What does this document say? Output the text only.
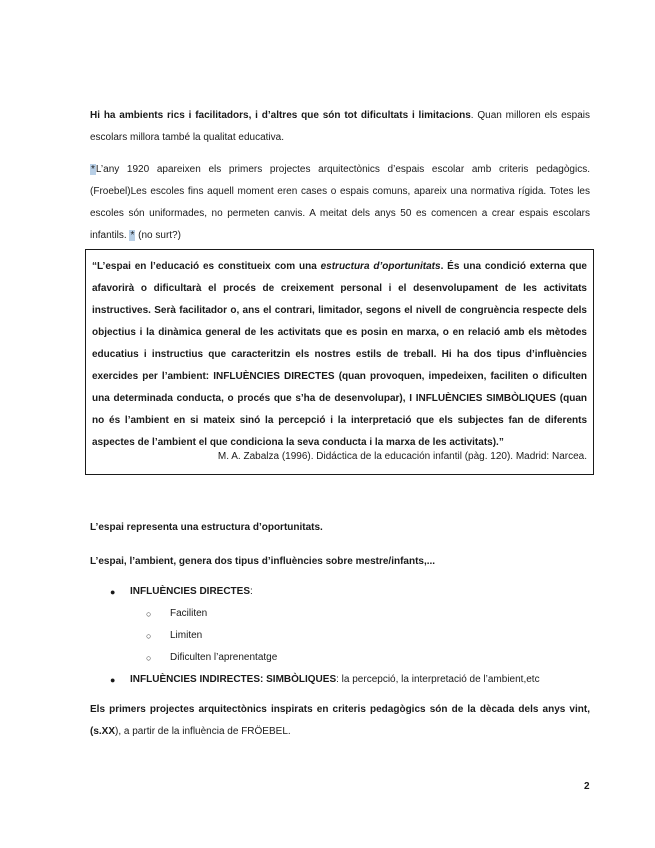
Hi ha ambients rics i facilitadors, i d’altres que són tot dificultats i limitacions. Quan milloren els espais escolars millora també la qualitat educativa.

*L’any 1920 apareixen els primers projectes arquitectònics d’espais escolar amb criteris pedagògics. (Froebel)Les escoles fins aquell moment eren cases o espais comuns, apareix una normativa rígida. Totes les escoles són uniformades, no permeten canvis. A meitat dels anys 50 es comencen a crear espais escolars infantils. * (no surt?)

“L’espai en l’educació es constitueix com una estructura d’oportunitats. És una condició externa que afavorirà o dificultarà el procés de creixement personal i el desenvolupament de les activitats instructives. Serà facilitador o, ans el contrari, limitador, segons el nivell de congruència respecte dels objectius i la dinàmica general de les activitats que es posin en marxa, o en relació amb els mètodes educatius i instructius que caracteritzin els nostres estils de treball. Hi ha dos tipus d’influències exercides per l’ambient: INFLUÈNCIES DIRECTES (quan provoquen, impedeixen, faciliten o dificulten una determinada conducta, o procés que s’ha de desenvolupar), I INFLUÈNCIES SIMBÒLIQUES (quan no és l’ambient en si mateix sinó la percepció i la interpretació que els subjectes fan de diferents aspectes de l’ambient el que condiciona la seva conducta i la marxa de les activitats).”

M. A. Zabalza (1996). Didáctica de la educación infantil (pàg. 120). Madrid: Narcea.

L’espai representa una estructura d’oportunitats.

L’espai, l’ambient, genera dos tipus d’influències sobre mestre/infants,...

● INFLUÈNCIES DIRECTES:
○ Faciliten
○ Limiten
○ Dificulten l’aprenentatge
● INFLUÈNCIES INDIRECTES: SIMBÒLIQUES: la percepció, la interpretació de l’ambient,etc

Els primers projectes arquitectònics inspirats en criteris pedagògics són de la dècada dels anys vint, (s.XX), a partir de la influència de FRÖEBEL.

2
